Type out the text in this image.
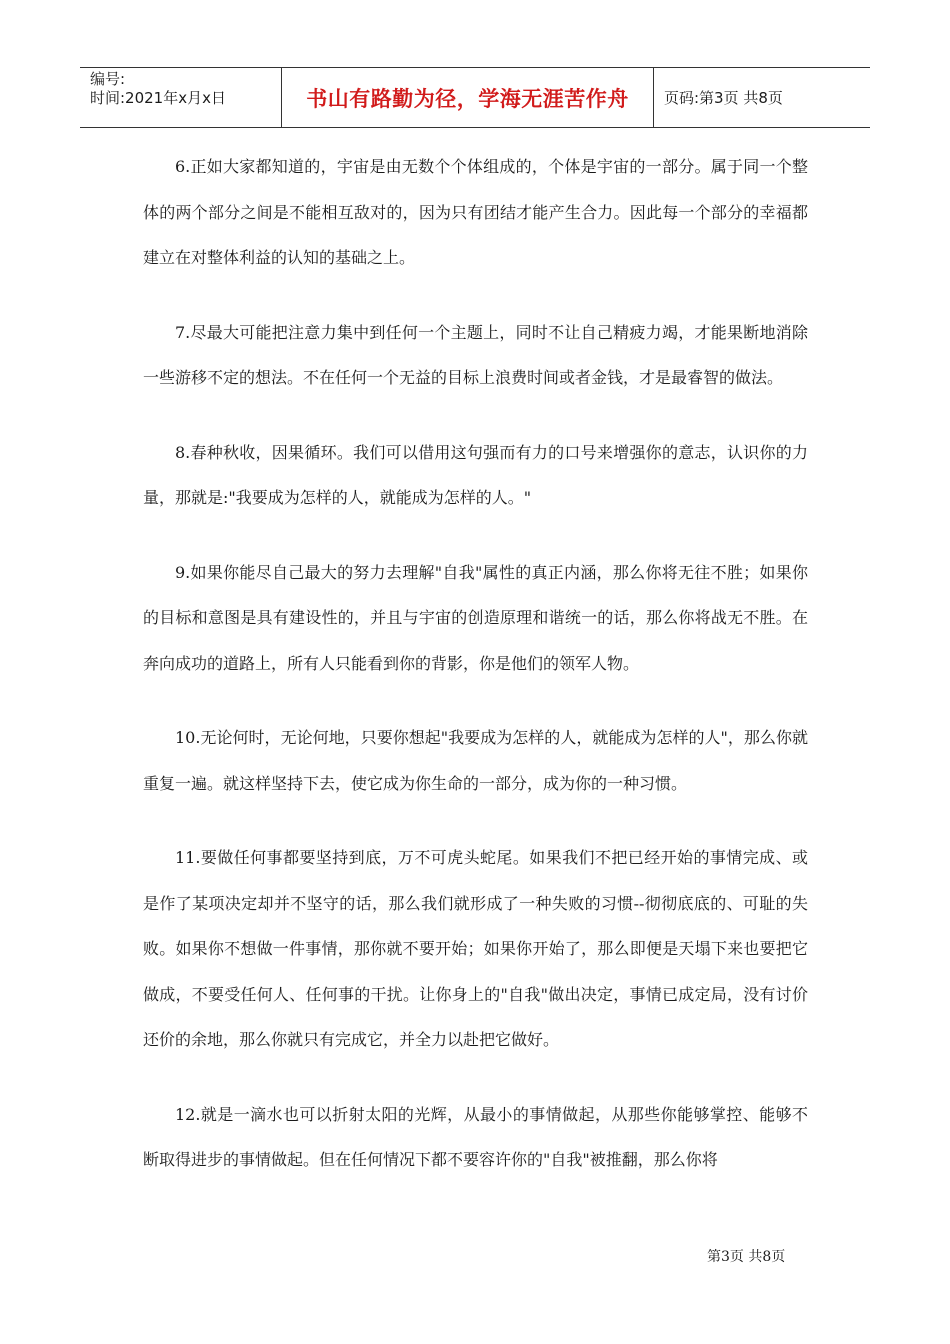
编号:
时间:2021年x月x日	书山有路勤为径，学海无涯苦作舟 页码:第3页 共8页

6.正如大家都知道的，宇宙是由无数个个体组成的，个体是宇宙的一部分。属于同一个整体的两个部分之间是不能相互敌对的，因为只有团结才能产生合力。因此每一个部分的幸福都建立在对整体利益的认知的基础之上。

7.尽最大可能把注意力集中到任何一个主题上，同时不让自己精疲力竭，才能果断地消除一些游移不定的想法。不在任何一个无益的目标上浪费时间或者金钱，才是最睿智的做法。

8.春种秋收，因果循环。我们可以借用这句强而有力的口号来增强你的意志，认识你的力量，那就是:"我要成为怎样的人，就能成为怎样的人。"

9.如果你能尽自己最大的努力去理解"自我"属性的真正内涵，那么你将无往不胜；如果你的目标和意图是具有建设性的，并且与宇宙的创造原理和谐统一的话，那么你将战无不胜。在奔向成功的道路上，所有人只能看到你的背影，你是他们的领军人物。

10.无论何时，无论何地，只要你想起"我要成为怎样的人，就能成为怎样的人"，那么你就重复一遍。就这样坚持下去，使它成为你生命的一部分，成为你的一种习惯。

11.要做任何事都要坚持到底，万不可虎头蛇尾。如果我们不把已经开始的事情完成、或是作了某项决定却并不坚守的话，那么我们就形成了一种失败的习惯--彻彻底底的、可耻的失败。如果你不想做一件事情，那你就不要开始；如果你开始了，那么即便是天塌下来也要把它做成，不要受任何人、任何事的干扰。让你身上的"自我"做出决定，事情已成定局，没有讨价还价的余地，那么你就只有完成它，并全力以赴把它做好。

12.就是一滴水也可以折射太阳的光辉，从最小的事情做起，从那些你能够掌控、能够不断取得进步的事情做起。但在任何情况下都不要容许你的"自我"被推翻，那么你将

第3页 共8页
